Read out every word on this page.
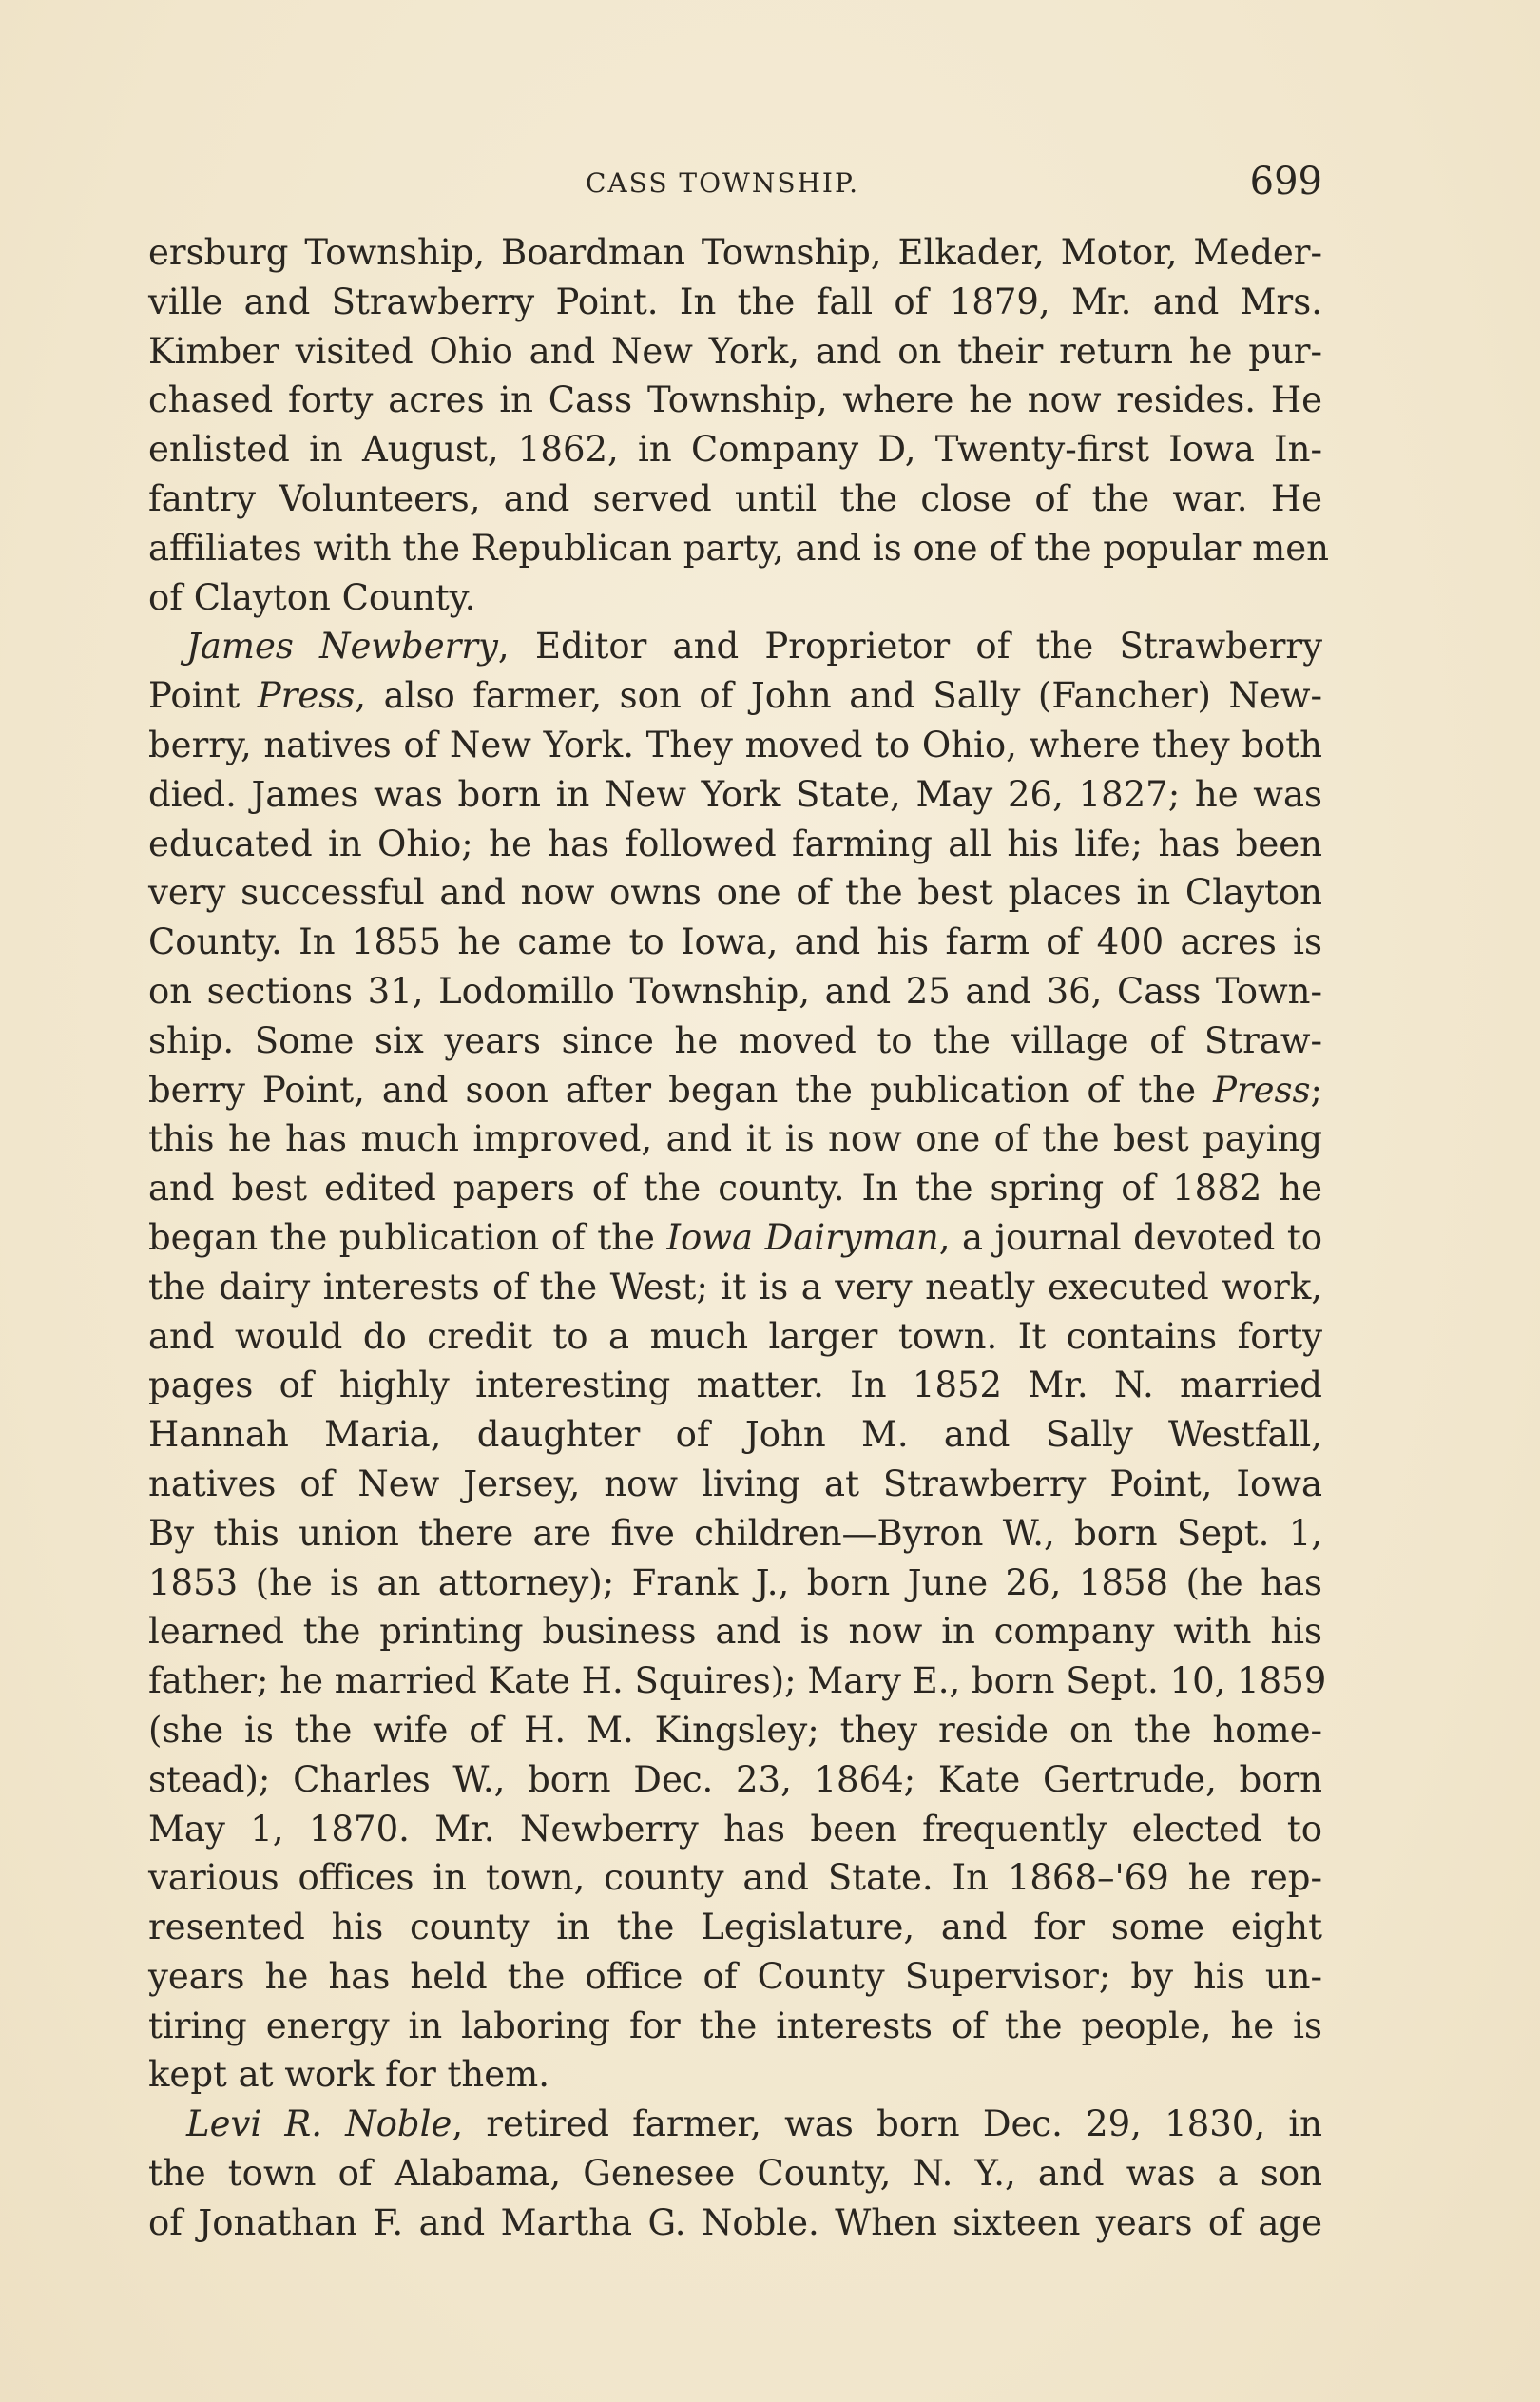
CASS TOWNSHIP.	699
ersburg Township, Boardman Township, Elkader, Motor, Meder-
ville and Strawberry Point. In the fall of 1879, Mr. and Mrs.
Kimber visited Ohio and New York, and on their return he pur-
chased forty acres in Cass Township, where he now resides. He
enlisted in August, 1862, in Company D, Twenty-first Iowa In-
fantry Volunteers, and served until the close of the war. He
affiliates with the Republican party, and is one of the popular men
of Clayton County.
James Newberry, Editor and Proprietor of the Strawberry
Point Press, also farmer, son of John and Sally (Fancher) New-
berry, natives of New York. They moved to Ohio, where they both
died. James was born in New York State, May 26, 1827; he was
educated in Ohio; he has followed farming all his life; has been
very successful and now owns one of the best places in Clayton
County. In 1855 he came to Iowa, and his farm of 400 acres is
on sections 31, Lodomillo Township, and 25 and 36, Cass Town-
ship. Some six years since he moved to the village of Straw-
berry Point, and soon after began the publication of the Press;
this he has much improved, and it is now one of the best paying
and best edited papers of the county. In the spring of 1882 he
began the publication of the Iowa Dairyman, a journal devoted to
the dairy interests of the West; it is a very neatly executed work,
and would do credit to a much larger town. It contains forty
pages of highly interesting matter. In 1852 Mr. N. married
Hannah Maria, daughter of John M. and Sally Westfall,
natives of New Jersey, now living at Strawberry Point, Iowa
By this union there are five children—Byron W., born Sept. 1,
1853 (he is an attorney); Frank J., born June 26, 1858 (he has
learned the printing business and is now in company with his
father; he married Kate H. Squires); Mary E., born Sept. 10, 1859
(she is the wife of H. M. Kingsley; they reside on the home-
stead); Charles W., born Dec. 23, 1864; Kate Gertrude, born
May 1, 1870. Mr. Newberry has been frequently elected to
various offices in town, county and State. In 1868–'69 he rep-
resented his county in the Legislature, and for some eight
years he has held the office of County Supervisor; by his un-
tiring energy in laboring for the interests of the people, he is
kept at work for them.
Levi R. Noble, retired farmer, was born Dec. 29, 1830, in
the town of Alabama, Genesee County, N. Y., and was a son
of Jonathan F. and Martha G. Noble. When sixteen years of age
